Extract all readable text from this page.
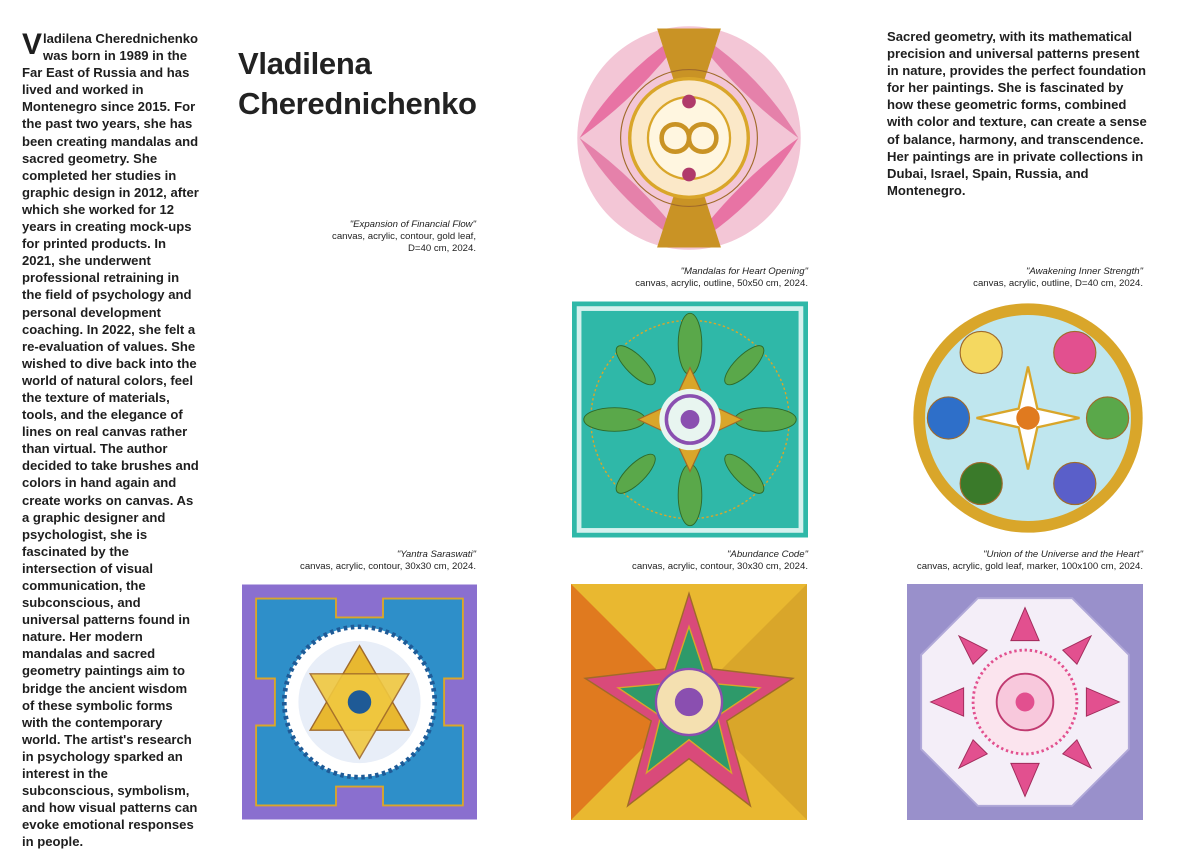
Vladilena Cherednichenko was born in 1989 in the Far East of Russia and has lived and worked in Montenegro since 2015. For the past two years, she has been creating mandalas and sacred geometry. She completed her studies in graphic design in 2012, after which she worked for 12 years in creating mock-ups for printed products. In 2021, she underwent professional retraining in the field of psychology and personal development coaching. In 2022, she felt a re-evaluation of values. She wished to dive back into the world of natural colors, feel the texture of materials, tools, and the elegance of lines on real canvas rather than virtual. The author decided to take brushes and colors in hand again and create works on canvas. As a graphic designer and psychologist, she is fascinated by the intersection of visual communication, the subconscious, and universal patterns found in nature. Her modern mandalas and sacred geometry paintings aim to bridge the ancient wisdom of these symbolic forms with the contemporary world. The artist's research in psychology sparked an interest in the subconscious, symbolism, and how visual patterns can evoke emotional responses in people.
Vladilena Cherednichenko
Sacred geometry, with its mathematical precision and universal patterns present in nature, provides the perfect foundation for her paintings. She is fascinated by how these geometric forms, combined with color and texture, can create a sense of balance, harmony, and transcendence. Her paintings are in private collections in Dubai, Israel, Spain, Russia, and Montenegro.
"Expansion of Financial Flow"
canvas, acrylic, contour, gold leaf,
D=40 cm, 2024.
"Mandalas for Heart Opening"
canvas, acrylic, outline, 50x50 cm, 2024.
"Awakening Inner Strength"
canvas, acrylic, outline, D=40 cm, 2024.
"Yantra Saraswati"
canvas, acrylic, contour, 30x30 cm, 2024.
"Abundance Code"
canvas, acrylic, contour, 30x30 cm, 2024.
"Union of the Universe and the Heart"
canvas, acrylic, gold leaf, marker, 100x100 cm, 2024.
